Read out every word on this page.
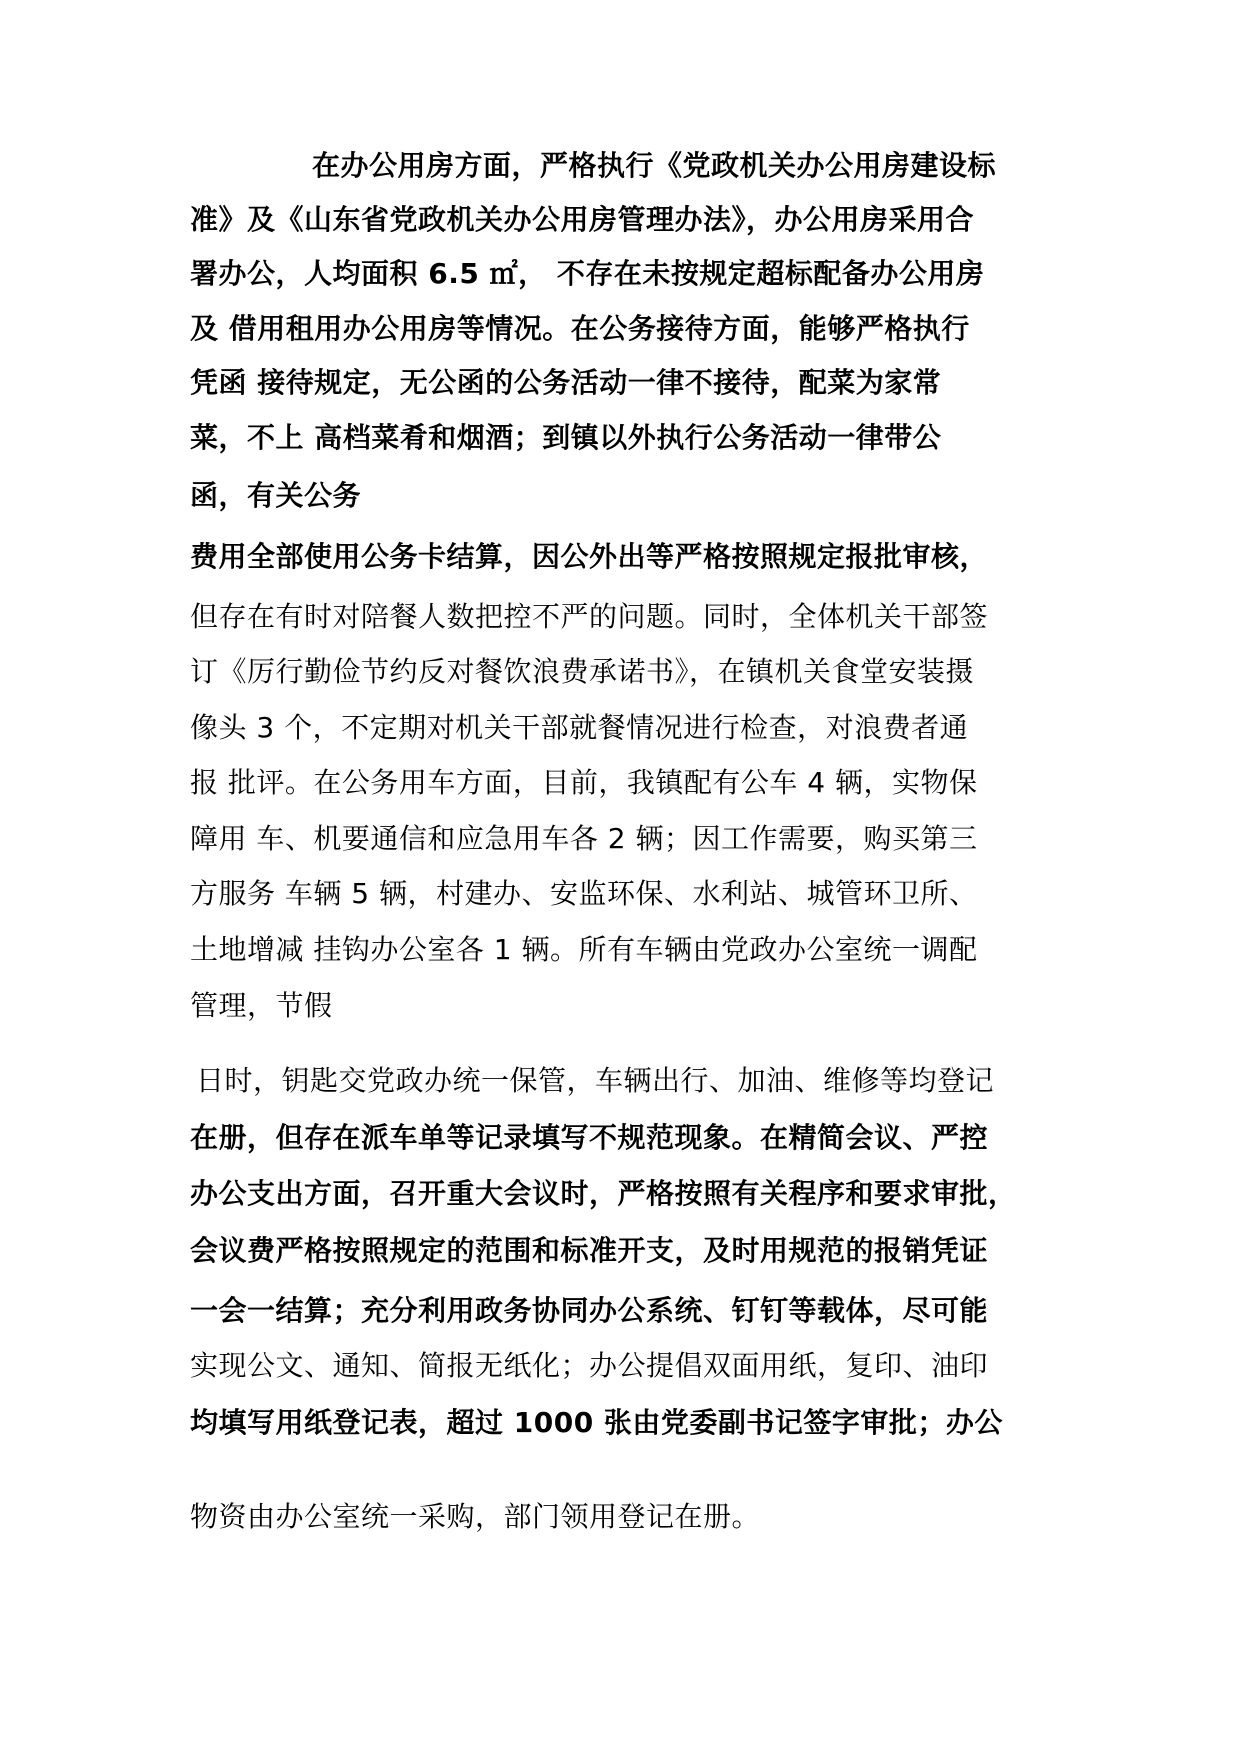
在办公用房方面，严格执行《党政机关办公用房建设标
准》及《山东省党政机关办公用房管理办法》，办公用房采用合
署办公，人均面积 6.5 ㎡， 不存在未按规定超标配备办公用房
及 借用租用办公用房等情况。在公务接待方面，能够严格执行
凭函 接待规定，无公函的公务活动一律不接待，配菜为家常
菜，不上 高档菜肴和烟酒；到镇以外执行公务活动一律带公
函，有关公务
费用全部使用公务卡结算，因公外出等严格按照规定报批审核，
但存在有时对陪餐人数把控不严的问题。同时，全体机关干部签
订《厉行勤俭节约反对餐饮浪费承诺书》，在镇机关食堂安装摄
像头 3 个，不定期对机关干部就餐情况进行检查，对浪费者通
报 批评。在公务用车方面，目前，我镇配有公车 4 辆，实物保
障用 车、机要通信和应急用车各 2 辆；因工作需要，购买第三
方服务 车辆 5 辆，村建办、安监环保、水利站、城管环卫所、
土地增减 挂钩办公室各 1 辆。所有车辆由党政办公室统一调配
管理，节假
日时，钥匙交党政办统一保管，车辆出行、加油、维修等均登记
在册，但存在派车单等记录填写不规范现象。在精简会议、严控
办公支出方面，召开重大会议时，严格按照有关程序和要求审批，
会议费严格按照规定的范围和标准开支，及时用规范的报销凭证
一会一结算；充分利用政务协同办公系统、钉钉等载体，尽可能
实现公文、通知、简报无纸化；办公提倡双面用纸，复印、油印
均填写用纸登记表，超过 1000 张由党委副书记签字审批；办公
物资由办公室统一采购，部门领用登记在册。
